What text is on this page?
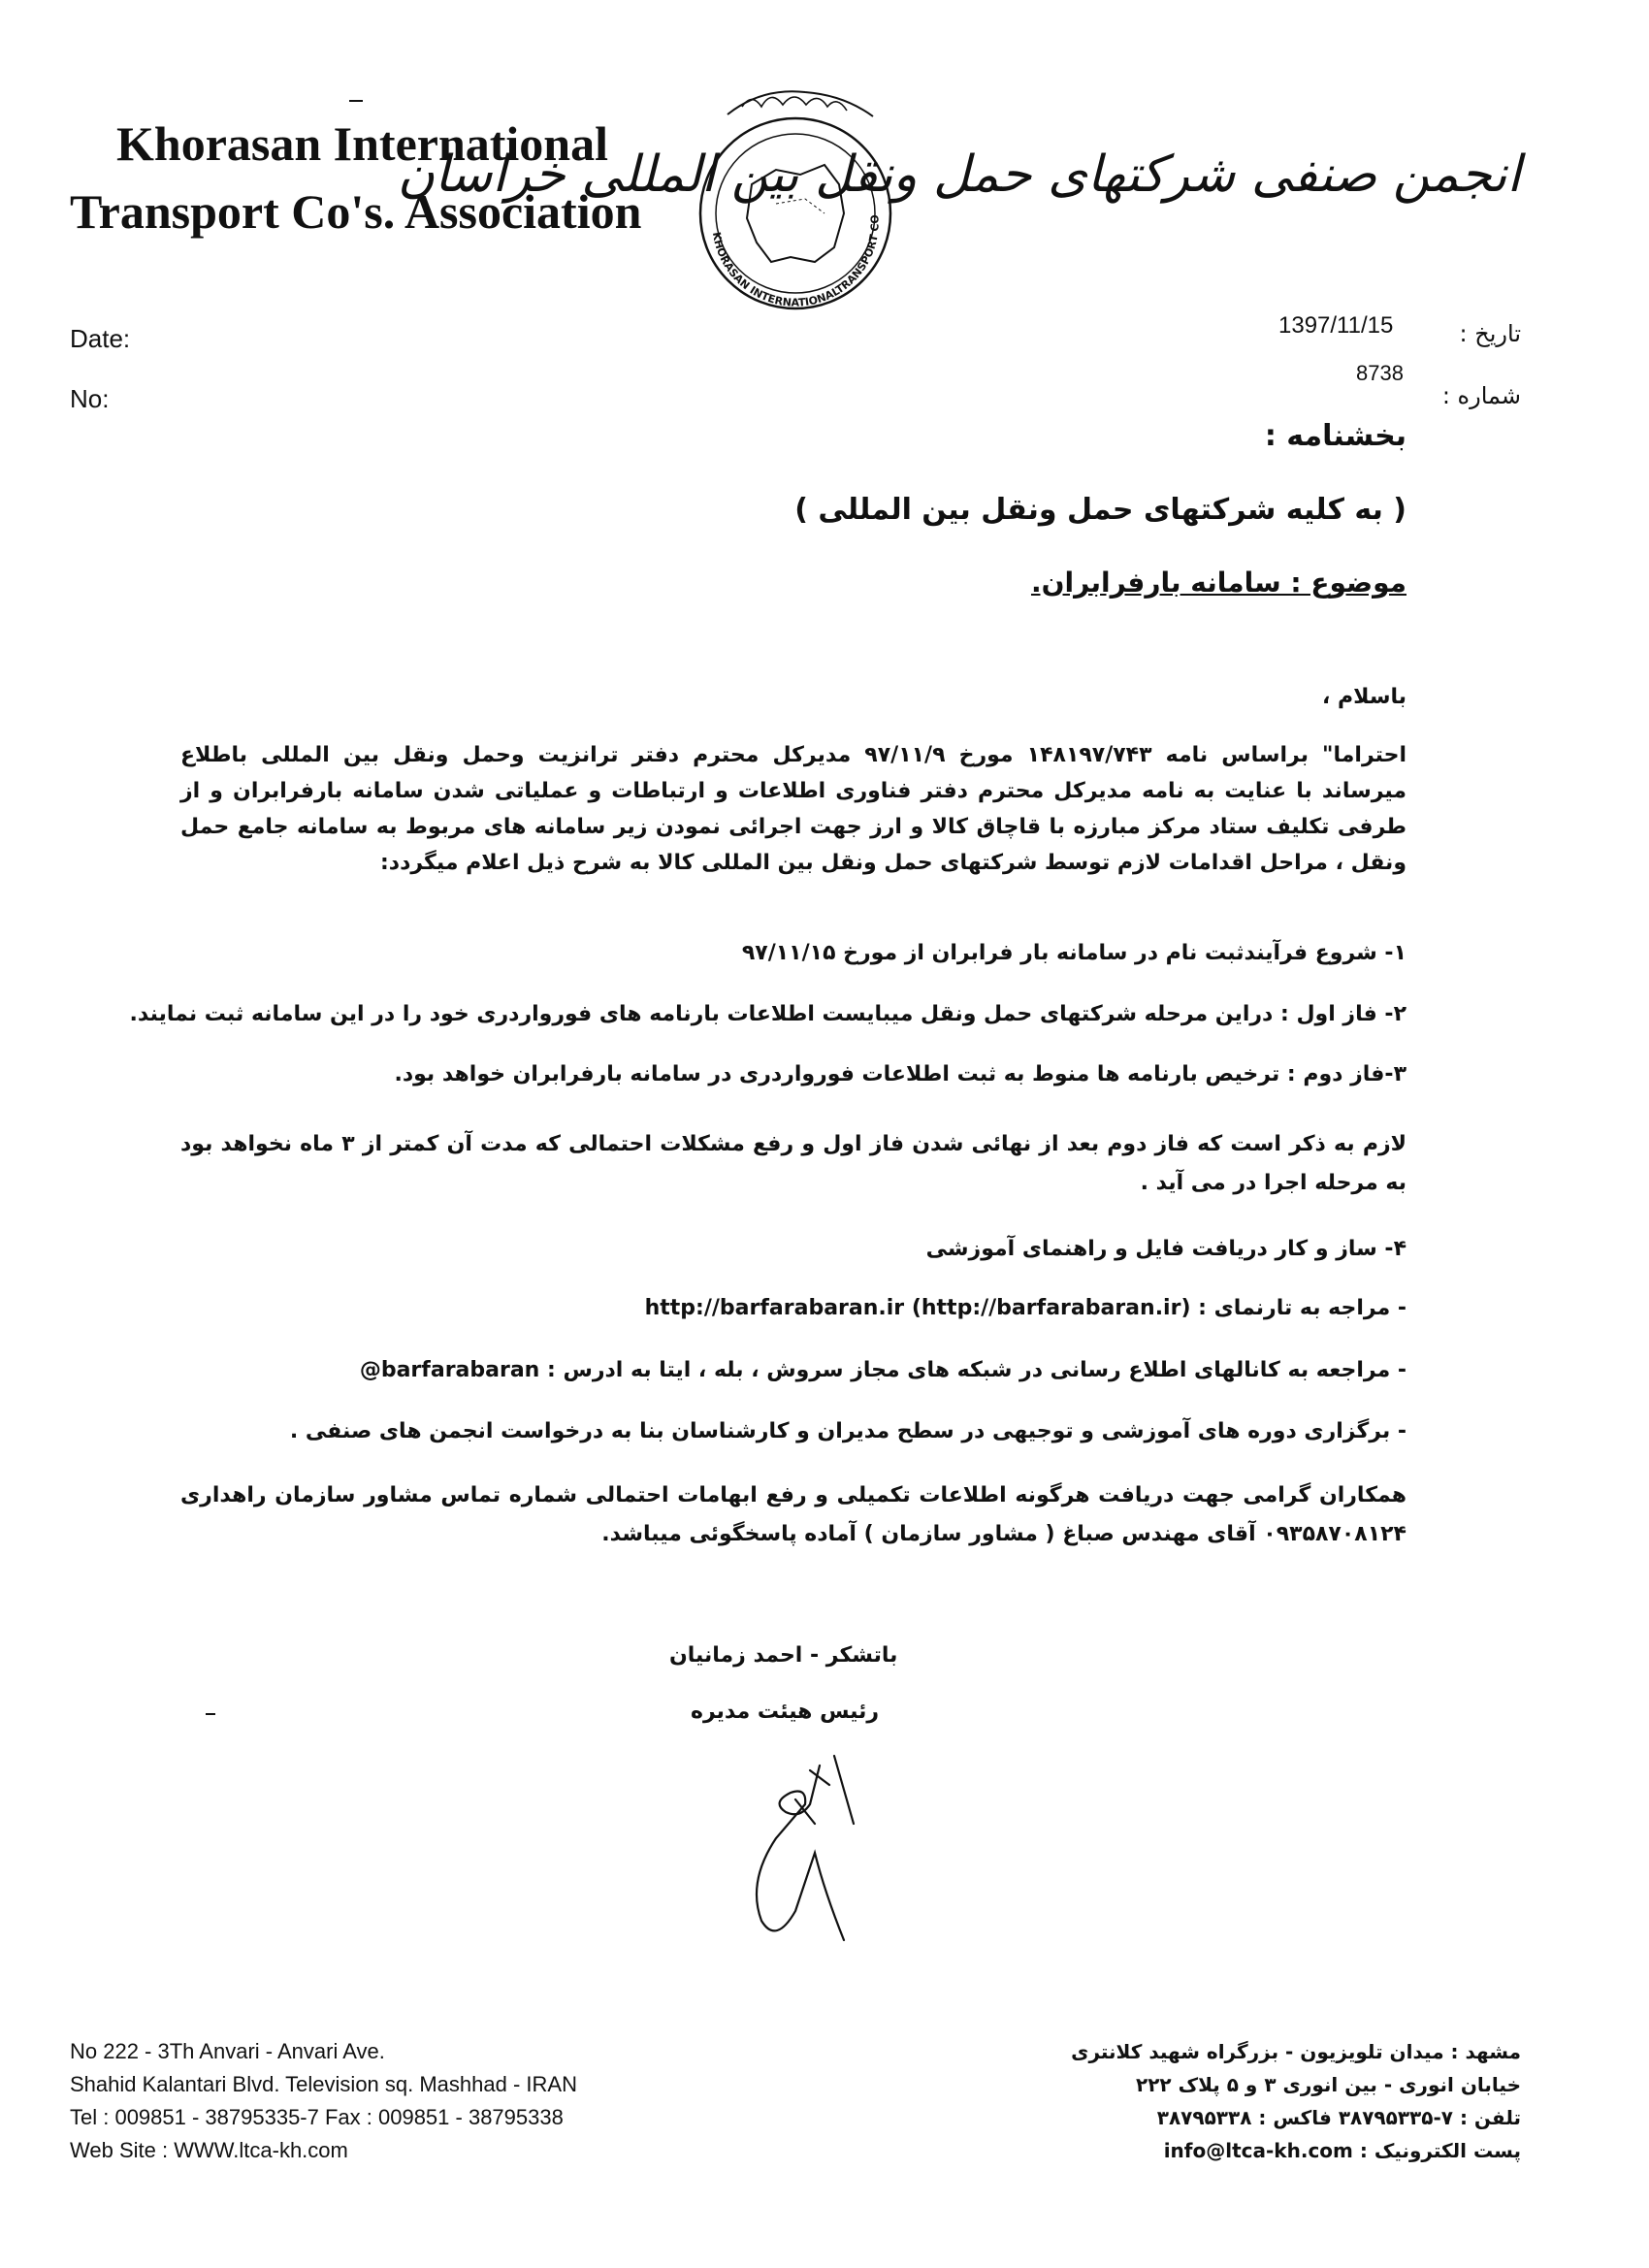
Khorasan International
Transport Co's. Association	KHORASAN INTERNATIONALTRANSPORT CO
انجمن صنفی شرکتهای حمل ونقل بین المللی خراسان
Date:
No:
1397/11/15
8738
تاریخ :
شماره :
بخشنامه :
( به کلیه شرکتهای حمل ونقل بین المللی )
موضوع : سامانه بارفرابران.
باسلام ،
احتراما" براساس نامه ۱۴۸۱۹۷/۷۴۳ مورخ ۹۷/۱۱/۹ مدیرکل محترم دفتر ترانزیت وحمل ونقل بین المللی باطلاع میرساند با عنایت به نامه مدیرکل محترم دفتر فناوری اطلاعات و ارتباطات و عملیاتی شدن سامانه بارفرابران و از طرفی تکلیف ستاد مرکز مبارزه با قاچاق کالا و ارز جهت اجرائی نمودن زیر سامانه های مربوط به سامانه جامع حمل ونقل ، مراحل اقدامات لازم توسط شرکتهای حمل ونقل بین المللی کالا به شرح ذیل اعلام میگردد:
۱- شروع فرآیندثبت نام در سامانه بار فرابران از مورخ ۹۷/۱۱/۱۵
۲- فاز اول : دراین مرحله شرکتهای حمل ونقل میبایست اطلاعات بارنامه های فورواردری خود را در این سامانه ثبت نمایند.
۳-فاز دوم : ترخیص بارنامه ها منوط به ثبت اطلاعات فورواردری در سامانه بارفرابران خواهد بود.
لازم به ذکر است که فاز دوم بعد از نهائی شدن فاز اول و رفع مشکلات احتمالی که مدت آن کمتر از ۳ ماه نخواهد بود به مرحله اجرا در می آید .
۴- ساز و کار دریافت فایل و راهنمای آموزشی
- مراجه به تارنمای : (http://barfarabaran.ir (http://barfarabaran.ir
- مراجعه به کانالهای اطلاع رسانی در شبکه های مجاز سروش ، بله ، ایتا به ادرس : barfarabaran@
- برگزاری دوره های آموزشی و توجیهی در سطح مدیران و کارشناسان بنا به درخواست انجمن های صنفی .
همکاران گرامی جهت دریافت هرگونه اطلاعات تکمیلی و رفع ابهامات احتمالی شماره تماس مشاور سازمان راهداری ۰۹۳۵۸۷۰۸۱۲۴ آقای مهندس صباغ ( مشاور سازمان ) آماده پاسخگوئی میباشد.
باتشکر - احمد زمانیان
رئیس هیئت مدیره
No 222 - 3Th Anvari - Anvari Ave.
Shahid Kalantari Blvd. Television sq. Mashhad - IRAN
Tel : 009851 - 38795335-7 Fax : 009851 - 38795338
Web Site : WWW.ltca-kh.com
مشهد : میدان تلویزیون - بزرگراه شهید کلانتری
خیابان انوری - بین انوری ۳ و ۵ پلاک ۲۲۲
تلفن : ۷-۳۸۷۹۵۳۳۵ فاکس : ۳۸۷۹۵۳۳۸
پست الکترونیک : info@ltca-kh.com
